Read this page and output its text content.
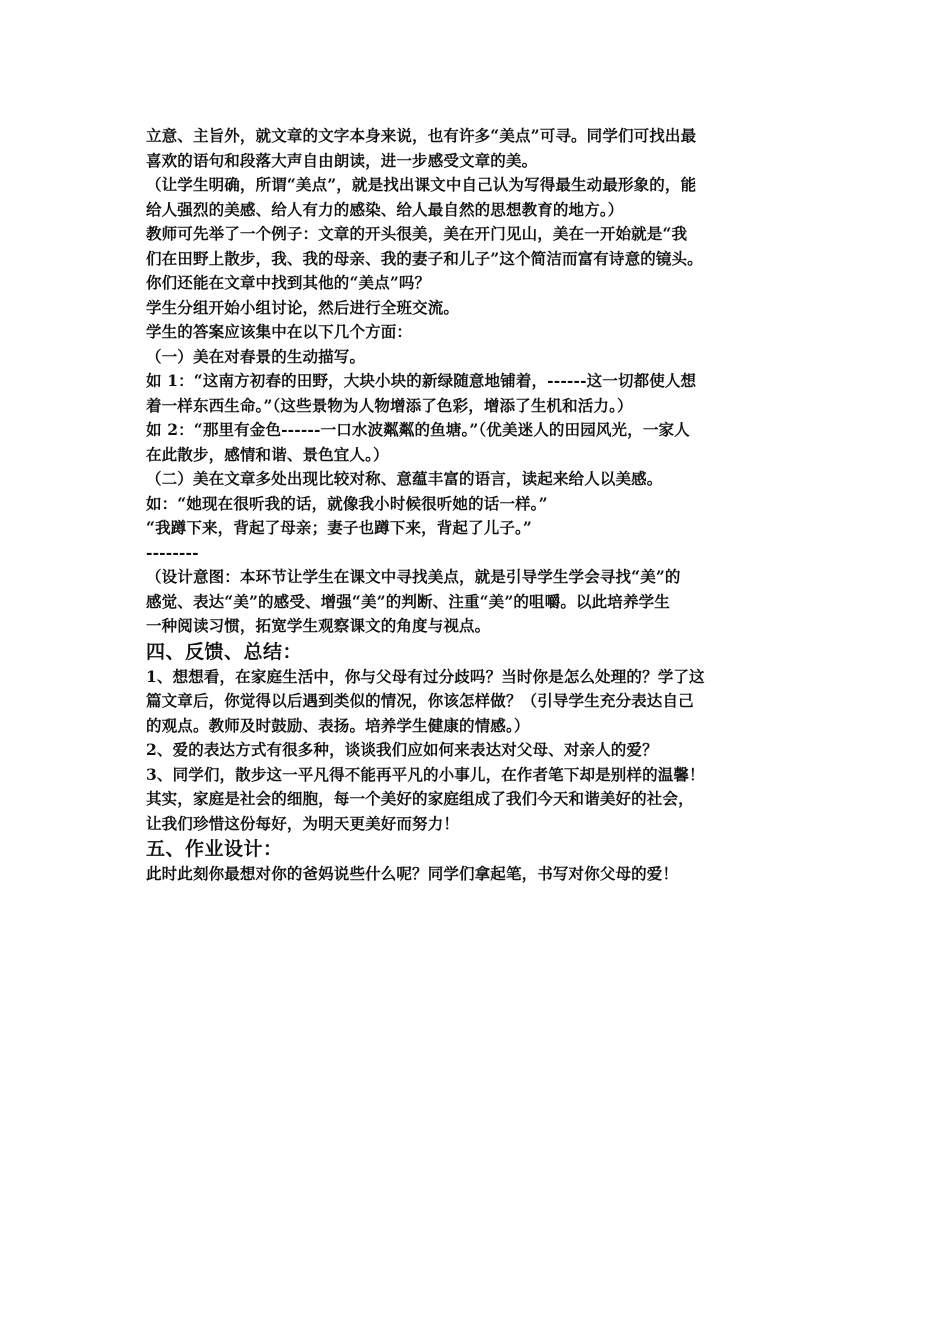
立意、主旨外，就文章的文字本身来说，也有许多“美点”可寻。同学们可找出最
喜欢的语句和段落大声自由朗读，进一步感受文章的美。
（让学生明确，所谓“美点”，就是找出课文中自己认为写得最生动最形象的，能
给人强烈的美感、给人有力的感染、给人最自然的思想教育的地方。）
教师可先举了一个例子：文章的开头很美，美在开门见山，美在一开始就是“我
们在田野上散步，我、我的母亲、我的妻子和儿子”这个简洁而富有诗意的镜头。
你们还能在文章中找到其他的“美点”吗？
学生分组开始小组讨论，然后进行全班交流。
学生的答案应该集中在以下几个方面：
（一）美在对春景的生动描写。
如 1：“这南方初春的田野，大块小块的新绿随意地铺着，------这一切都使人想
着一样东西生命。”（这些景物为人物增添了色彩，增添了生机和活力。）
如 2：“那里有金色------一口水波粼粼的鱼塘。”（优美迷人的田园风光，一家人
在此散步，感情和谐、景色宜人。）
（二）美在文章多处出现比较对称、意蕴丰富的语言，读起来给人以美感。
如：“她现在很听我的话，就像我小时候很听她的话一样。”
“我蹲下来，背起了母亲；妻子也蹲下来，背起了儿子。”
--------
（设计意图：本环节让学生在课文中寻找美点，就是引导学生学会寻找“美”的
感觉、表达“美”的感受、增强“美”的判断、注重“美”的咀嚼。以此培养学生
一种阅读习惯，拓宽学生观察课文的角度与视点。
四、反馈、总结：
1、想想看，在家庭生活中，你与父母有过分歧吗？当时你是怎么处理的？学了这
篇文章后，你觉得以后遇到类似的情况，你该怎样做？（引导学生充分表达自己
的观点。教师及时鼓励、表扬。培养学生健康的情感。）
2、爱的表达方式有很多种，谈谈我们应如何来表达对父母、对亲人的爱？
3、同学们，散步这一平凡得不能再平凡的小事儿，在作者笔下却是别样的温馨！
其实，家庭是社会的细胞，每一个美好的家庭组成了我们今天和谐美好的社会，
让我们珍惜这份每好，为明天更美好而努力！
五、作业设计：
此时此刻你最想对你的爸妈说些什么呢？同学们拿起笔，书写对你父母的爱！
